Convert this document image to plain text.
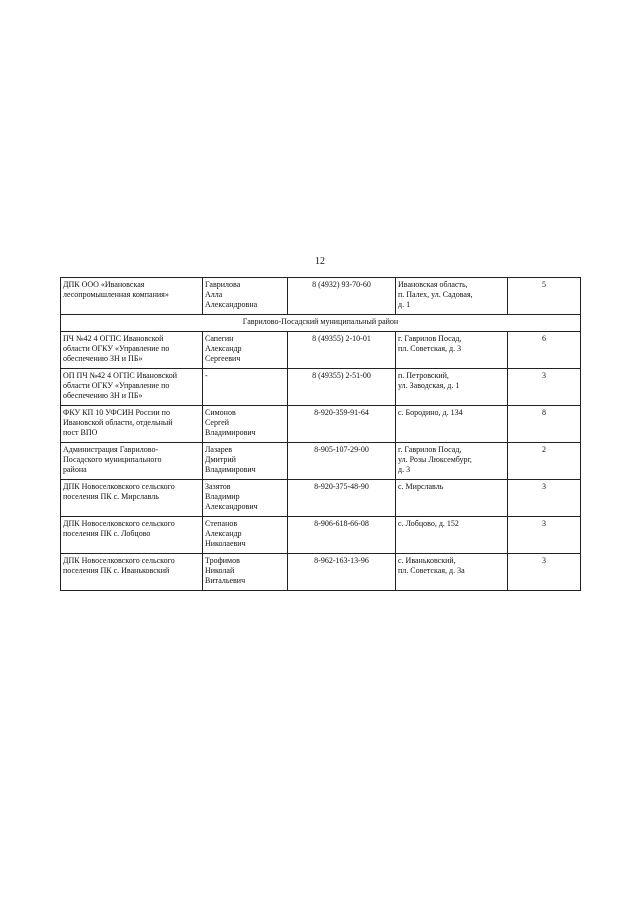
12
ДПК ООО «Ивановская
лесопромышленная компания»	Гаврилова
Алла
Александровна	8 (4932) 93-70-60	Ивановская область,
п. Палех, ул. Садовая,
д. 1	5
Гаврилово-Посадский муниципальный район				

ПЧ №42 4 ОГПС Ивановской
области ОГКУ «Управление по
обеспечению ЗН и ПБ»	Сапегин
Александр
Сергеевич	8 (49355) 2-10-01	г. Гаврилов Посад,
пл. Советская, д. 3	6

ОП ПЧ №42 4 ОГПС Ивановской
области ОГКУ «Управление по
обеспечению ЗН и ПБ»	-	8 (49355) 2-51-00	п. Петровский,
ул. Заводская, д. 1	3

ФКУ КП 10 УФСИН России по
Ивановской области, отдельный
пост ВПО	Симонов
Сергей
Владимирович	8-920-359-91-64	с. Бородино, д. 134	8

Администрация Гаврилово-
Посадского муниципального
района	Лазарев
Дмитрий
Владимирович	8-905-107-29-00	г. Гаврилов Посад,
ул. Розы Люксембург,
д. 3	2

ДПК Новоселковского сельского
поселения ПК с. Мирславль	Зазятов
Владимир
Александрович	8-920-375-48-90	с. Мирславль	3

ДПК Новоселковского сельского
поселения ПК с. Лобцово	Степанов
Александр
Николаевич	8-906-618-66-08	с. Лобцово, д. 152	3

ДПК Новоселковского сельского
поселения ПК с. Иваньковский	Трофимов
Николай
Витальевич	8-962-163-13-96	с. Иваньковский,
пл. Советская, д. 3а	3
